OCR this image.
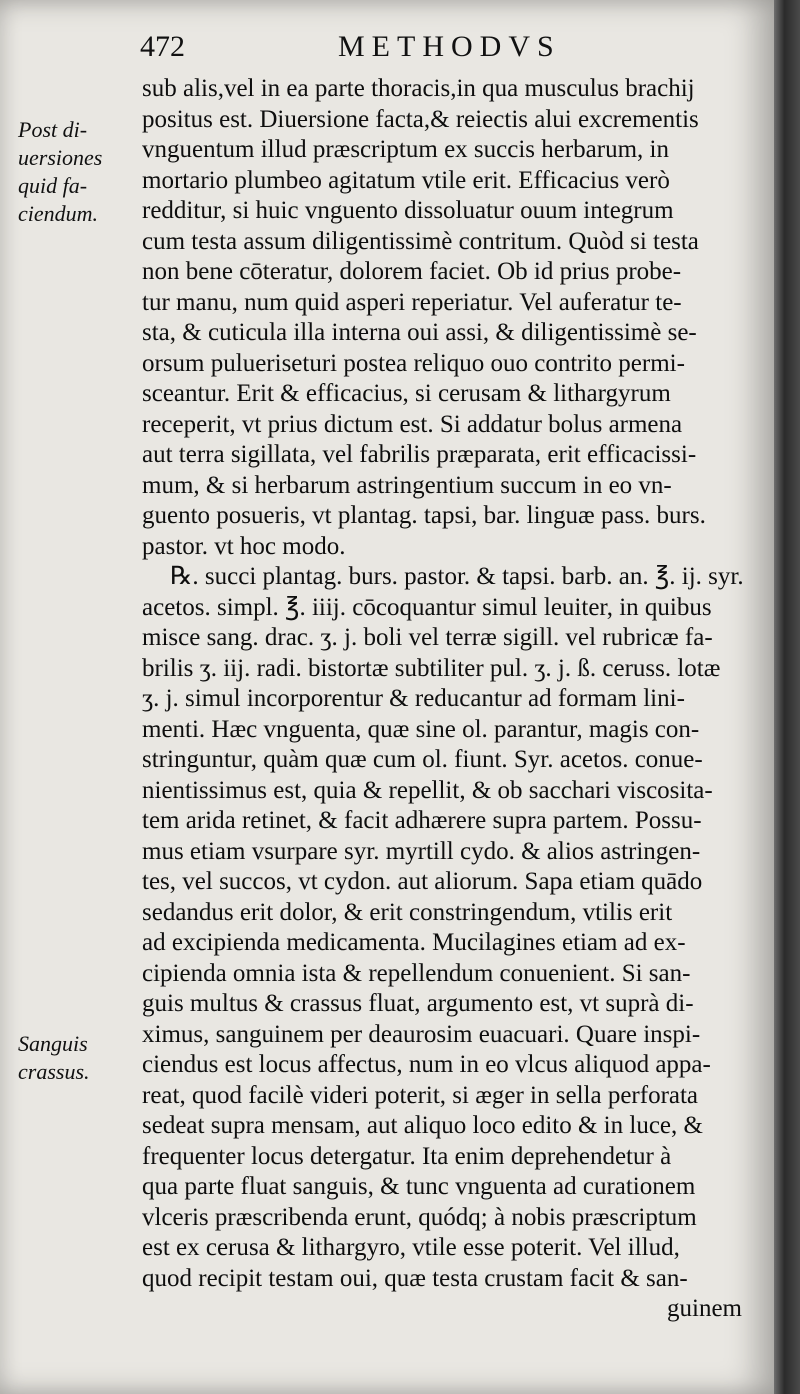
472	METHODVS
Post di-
uersiones
quid fa-
ciendum.
Sanguis
crassus.
sub alis,vel in ea parte thoracis,in qua musculus brachij
positus est. Diuersione facta,& reiectis alui excrementis
vnguentum illud præscriptum ex succis herbarum, in
mortario plumbeo agitatum vtile erit. Efficacius verò
redditur, si huic vnguento dissoluatur ouum integrum
cum testa assum diligentissimè contritum. Quòd si testa
non bene cōteratur, dolorem faciet. Ob id prius probe-
tur manu, num quid asperi reperiatur. Vel auferatur te-
sta, & cuticula illa interna oui assi, & diligentissimè se-
orsum pulueriseturi postea reliquo ouo contrito permi-
sceantur. Erit & efficacius, si cerusam & lithargyrum
receperit, vt prius dictum est. Si addatur bolus armena
aut terra sigillata, vel fabrilis præparata, erit efficacissi-
mum, & si herbarum astringentium succum in eo vn-
guento posueris, vt plantag. tapsi, bar. linguæ pass. burs.
pastor. vt hoc modo.
℞. succi plantag. burs. pastor. & tapsi. barb. an. ℥. ij. syr.
acetos. simpl. ℥. iiij. cōcoquantur simul leuiter, in quibus
misce sang. drac. ʒ. j. boli vel terræ sigill. vel rubricæ fa-
brilis ʒ. iij. radi. bistortæ subtiliter pul. ʒ. j. ß. ceruss. lotæ
ʒ. j. simul incorporentur & reducantur ad formam lini-
menti. Hæc vnguenta, quæ sine ol. parantur, magis con-
stringuntur, quàm quæ cum ol. fiunt. Syr. acetos. conue-
nientissimus est, quia & repellit, & ob sacchari viscosita-
tem arida retinet, & facit adhærere supra partem. Possu-
mus etiam vsurpare syr. myrtill cydo. & alios astringen-
tes, vel succos, vt cydon. aut aliorum. Sapa etiam quādo
sedandus erit dolor, & erit constringendum, vtilis erit
ad excipienda medicamenta. Mucilagines etiam ad ex-
cipienda omnia ista & repellendum conuenient. Si san-
guis multus & crassus fluat, argumento est, vt suprà di-
ximus, sanguinem per deaurosim euacuari. Quare inspi-
ciendus est locus affectus, num in eo vlcus aliquod appa-
reat, quod facilè videri poterit, si æger in sella perforata
sedeat supra mensam, aut aliquo loco edito & in luce, &
frequenter locus detergatur. Ita enim deprehendetur à
qua parte fluat sanguis, & tunc vnguenta ad curationem
vlceris præscribenda erunt, quódq; à nobis præscriptum
est ex cerusa & lithargyro, vtile esse poterit. Vel illud,
quod recipit testam oui, quæ testa crustam facit & san-
guinem
